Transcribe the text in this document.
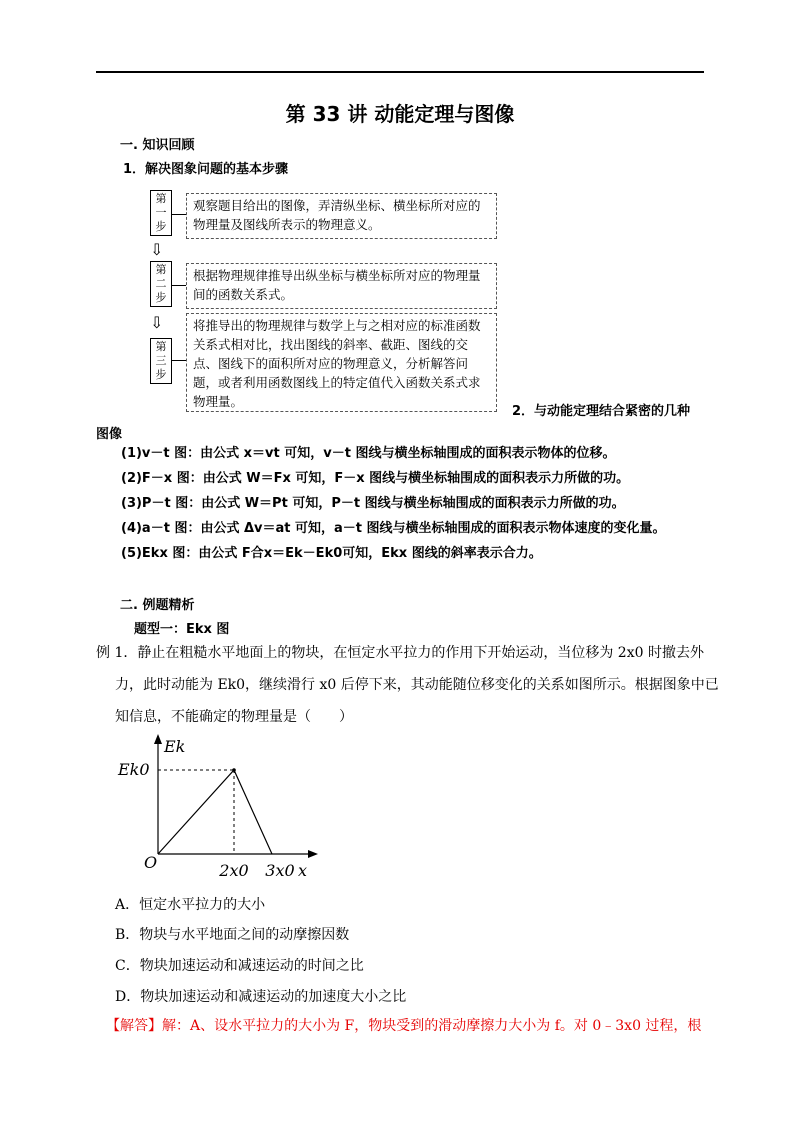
第 33 讲 动能定理与图像
一. 知识回顾
1．解决图象问题的基本步骤
第一步
观察题目给出的图像，弄清纵坐标、横坐标所对应的物理量及图线所表示的物理意义。
⇩
第二步
根据物理规律推导出纵坐标与横坐标所对应的物理量间的函数关系式。
⇩
第三步
将推导出的物理规律与数学上与之相对应的标准函数关系式相对比，找出图线的斜率、截距、图线的交点、图线下的面积所对应的物理意义，分析解答问题，或者利用函数图线上的特定值代入函数关系式求物理量。
2．与动能定理结合紧密的几种
图像
(1)v－t 图：由公式 x＝vt 可知，v－t 图线与横坐标轴围成的面积表示物体的位移。
(2)F－x 图：由公式 W＝Fx 可知，F－x 图线与横坐标轴围成的面积表示力所做的功。
(3)P－t 图：由公式 W＝Pt 可知，P－t 图线与横坐标轴围成的面积表示力所做的功。
(4)a－t 图：由公式 Δv＝at 可知，a－t 图线与横坐标轴围成的面积表示物体速度的变化量。
(5)Ekx 图：由公式 F合x＝Ek－Ek0可知，Ekx 图线的斜率表示合力。
二. 例题精析
题型一：Ekx 图
例 1．静止在粗糙水平地面上的物块，在恒定水平拉力的作用下开始运动，当位移为 2x0 时撤去外
力，此时动能为 Ek0，继续滑行 x0 后停下来，其动能随位移变化的关系如图所示。根据图象中已
知信息，不能确定的物理量是（　　）
Ek
Ek0
O	2x0 3x0 x
A．恒定水平拉力的大小
B．物块与水平地面之间的动摩擦因数
C．物块加速运动和减速运动的时间之比
D．物块加速运动和减速运动的加速度大小之比
【解答】解：A、设水平拉力的大小为 F，物块受到的滑动摩擦力大小为 f。对 0﹣3x0 过程，根
